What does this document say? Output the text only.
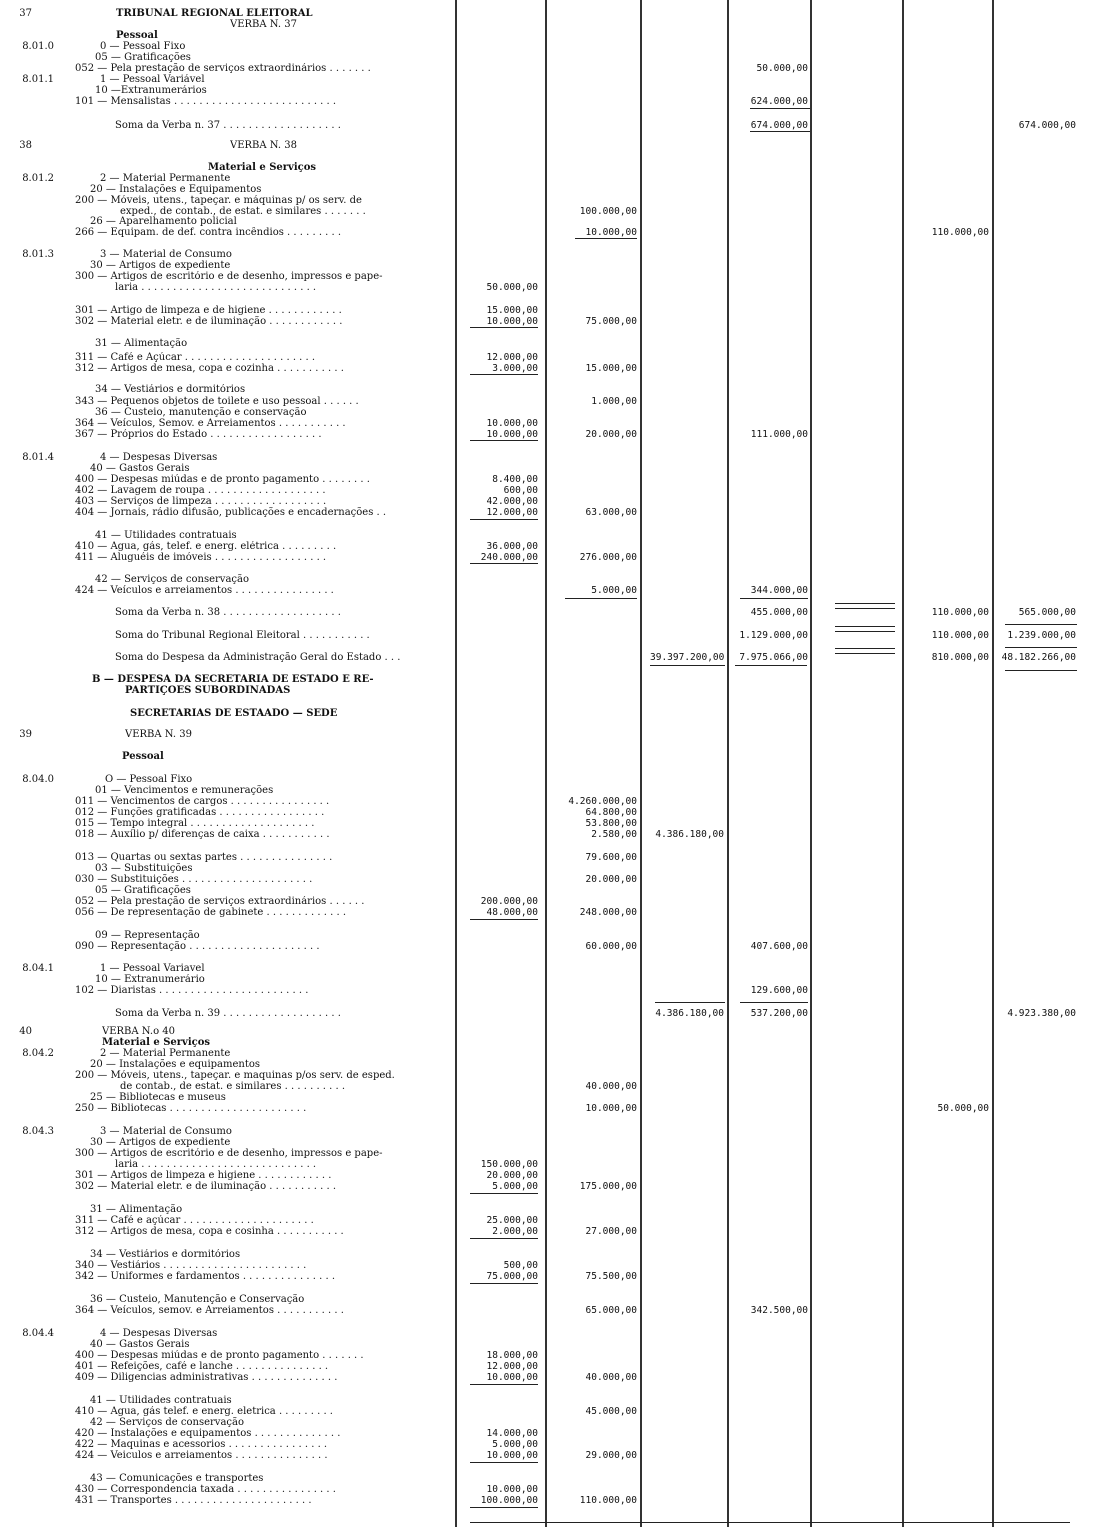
37	TRIBUNAL REGIONAL ELEITORAL
VERBA N. 37
Pessoal
8.01.0	0 — Pessoal Fixo
05 — Gratificações
052 — Pela prestação de serviços extraordinários . . . . . . .	50.000,00
8.01.1	1 — Pessoal Variável
10 —Extranumerários
101 — Mensalistas . . . . . . . . . . . . . . . . . . . . . . . . . .	624.000,00
Soma da Verba n. 37 . . . . . . . . . . . . . . . . . . .	674.000,00	674.000,00
38	VERBA N. 38
Material e Serviços
8.01.2	2 — Material Permanente
20 — Instalações e Equipamentos
200 — Móveis, utens., tapeçar. e máquinas p/ os serv. de
exped., de contab., de estat. e similares . . . . . . .	100.000,00
26 — Aparelhamento policial
266 — Equipam. de def. contra incêndios . . . . . . . . .	10.000,00	110.000,00
8.01.3	3 — Material de Consumo
30 — Artigos de expediente
300 — Artigos de escritório e de desenho, impressos e pape-
laria . . . . . . . . . . . . . . . . . . . . . . . . . . . .	50.000,00
301 — Artigo de limpeza e de higiene . . . . . . . . . . . .	15.000,00
302 — Material eletr. e de iluminação . . . . . . . . . . . .	10.000,00	75.000,00
31 — Alimentação
311 — Café e Açúcar . . . . . . . . . . . . . . . . . . . . .	12.000,00
312 — Artigos de mesa, copa e cozinha . . . . . . . . . . .	3.000,00	15.000,00
34 — Vestiários e dormitórios
343 — Pequenos objetos de toilete e uso pessoal . . . . . .	1.000,00
36 — Custeio, manutenção e conservação
364 — Veículos, Semov. e Arreiamentos . . . . . . . . . . .	10.000,00
367 — Próprios do Estado . . . . . . . . . . . . . . . . . .	10.000,00	20.000,00	111.000,00
8.01.4	4 — Despesas Diversas
40 — Gastos Gerais
400 — Despesas miúdas e de pronto pagamento . . . . . . . .	8.400,00
402 — Lavagem de roupa . . . . . . . . . . . . . . . . . . .	600,00
403 — Serviços de limpeza . . . . . . . . . . . . . . . . . .	42.000,00
404 — Jornais, rádio difusão, publicações e encadernações . .	12.000,00	63.000,00
41 — Utilidades contratuais
410 — Água, gás, telef. e energ. elétrica . . . . . . . . .	36.000,00
411 — Aluguéis de imóveis . . . . . . . . . . . . . . . . . .	240.000,00	276.000,00
42 — Serviços de conservação
424 — Veículos e arreiamentos . . . . . . . . . . . . . . . .	5.000,00	344.000,00
Soma da Verba n. 38 . . . . . . . . . . . . . . . . . . .	455.000,00	110.000,00	565.000,00
Soma do Tribunal Regional Eleitoral . . . . . . . . . . .	1.129.000,00	110.000,00	1.239.000,00
Soma do Despesa da Administração Geral do Estado . . .	39.397.200,00	7.975.066,00	810.000,00 48.182.266,00
B — DESPESA DA SECRETARIA DE ESTADO E RE-
PARTIÇÕES SUBORDINADAS
SECRETARIAS DE ESTAADO — SEDE
39	VERBA N. 39
Pessoal
8.04.0	O — Pessoal Fixo
01 — Vencimentos e remunerações
011 — Vencimentos de cargos . . . . . . . . . . . . . . . .	4.260.000,00
012 — Funções gratificadas . . . . . . . . . . . . . . . . .	64.800,00
015 — Tempo integral . . . . . . . . . . . . . . . . . . . .	53.800,00
018 — Auxílio p/ diferenças de caixa . . . . . . . . . . .	2.580,00	4.386.180,00
013 — Quartas ou sextas partes . . . . . . . . . . . . . . .	79.600,00
03 — Substituições
030 — Substituições . . . . . . . . . . . . . . . . . . . . .	20.000,00
05 — Gratificações
052 — Pela prestação de serviços extraordinários . . . . . .	200.000,00
056 — De representação de gabinete . . . . . . . . . . . . .	48.000,00	248.000,00
09 — Representação
090 — Representação . . . . . . . . . . . . . . . . . . . . .	60.000,00	407.600,00
8.04.1	1 — Pessoal Variavel
10 — Extranumerário
102 — Diaristas . . . . . . . . . . . . . . . . . . . . . . . .	129.600,00
Soma da Verba n. 39 . . . . . . . . . . . . . . . . . . .	4.386.180,00	537.200,00	4.923.380,00
40	VERBA N.o 40
Material e Serviços
8.04.2	2 — Material Permanente
20 — Instalações e equipamentos
200 — Móveis, utens., tapeçar. e maquinas p/os serv. de esped.
de contab., de estat. e similares . . . . . . . . . .	40.000,00
25 — Bibliotecas e museus
250 — Bibliotecas . . . . . . . . . . . . . . . . . . . . . .	10.000,00	50.000,00
8.04.3	3 — Material de Consumo
30 — Artigos de expediente
300 — Artigos de escritório e de desenho, impressos e pape-
laria . . . . . . . . . . . . . . . . . . . . . . . . . . . .	150.000,00
301 — Artigos de limpeza e higiene . . . . . . . . . . . .	20.000,00
302 — Material eletr. e de iluminação . . . . . . . . . . .	5.000,00	175.000,00
31 — Alimentação
311 — Café e açúcar . . . . . . . . . . . . . . . . . . . . .	25.000,00
312 — Artigos de mesa, copa e cosinha . . . . . . . . . . .	2.000,00	27.000,00
34 — Vestiários e dormitórios
340 — Vestiários . . . . . . . . . . . . . . . . . . . . . . .	500,00
342 — Uniformes e fardamentos . . . . . . . . . . . . . . .	75.000,00	75.500,00
36 — Custeio, Manutenção e Conservação
364 — Veículos, semov. e Arreiamentos . . . . . . . . . . .	65.000,00	342.500,00
8.04.4	4 — Despesas Diversas
40 — Gastos Gerais
400 — Despesas miúdas e de pronto pagamento . . . . . . .	18.000,00
401 — Refeições, café e lanche . . . . . . . . . . . . . . .	12.000,00
409 — Diligencias administrativas . . . . . . . . . . . . . .	10.000,00	40.000,00
41 — Utilidades contratuais
410 — Água, gás telef. e energ. eletrica . . . . . . . . .	45.000,00
42 — Serviços de conservação
420 — Instalações e equipamentos . . . . . . . . . . . . . .	14.000,00
422 — Maquinas e acessorios . . . . . . . . . . . . . . . .	5.000,00
424 — Veiculos e arreiamentos . . . . . . . . . . . . . . .	10.000,00	29.000,00
43 — Comunicações e transportes
430 — Correspondencia taxada . . . . . . . . . . . . . . . .	10.000,00
431 — Transportes . . . . . . . . . . . . . . . . . . . . . .	100.000,00	110.000,00
